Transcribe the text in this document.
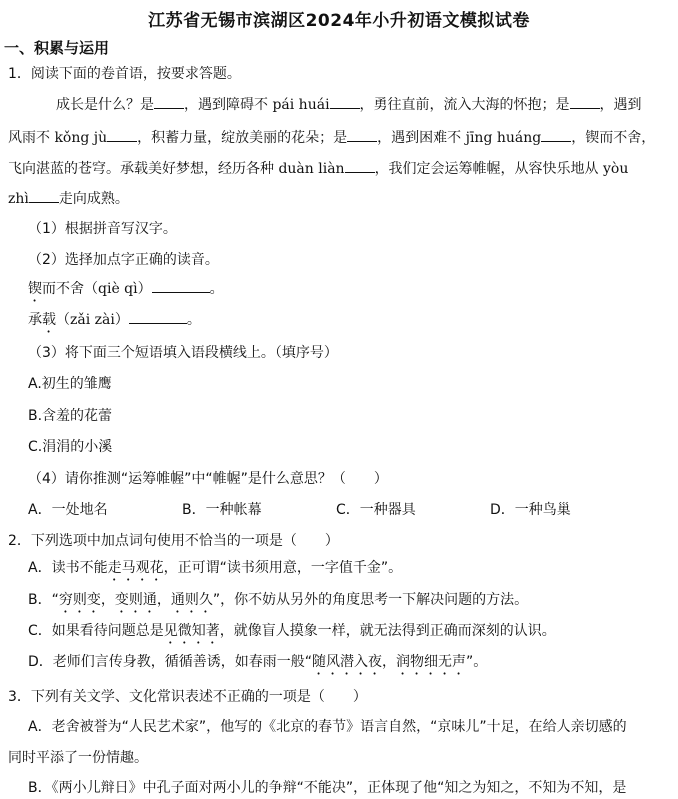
江苏省无锡市滨湖区2024年小升初语文模拟试卷
一、积累与运用
1．阅读下面的卷首语，按要求答题。
成长是什么？是 ，遇到障碍不 pái huái ，勇往直前，流入大海的怀抱；是 ，遇到
风雨不 kǒng jù ，积蓄力量，绽放美丽的花朵；是 ，遇到困难不 jīng huáng ，锲而不舍，
飞向湛蓝的苍穹。承载美好梦想，经历各种 duàn liàn ，我们定会运筹帷幄，从容快乐地从 yòu
zhì 走向成熟。
（1）根据拼音写汉字。
（2）选择加点字正确的读音。
锲而不舍（qiè qì）	。
承载（zǎi zài）	。
（3）将下面三个短语填入语段横线上。（填序号）
A.初生的雏鹰
B.含羞的花蕾
C.涓涓的小溪
（4）请你推测“运筹帷幄”中“帷幄”是什么意思？（　　）
A．一处地名	B．一种帐幕	C．一种器具	D．一种鸟巢
2．下列选项中加点词句使用不恰当的一项是（　　）
A．读书不能走马观花，正可谓“读书须用意，一字值千金”。
B．“穷则变，变则通，通则久”，你不妨从另外的角度思考一下解决问题的方法。
C．如果看待问题总是见微知著，就像盲人摸象一样，就无法得到正确而深刻的认识。
D．老师们言传身教，循循善诱，如春雨一般“随风潜入夜，润物细无声”。
3．下列有关文学、文化常识表述不正确的一项是（　　）
A．老舍被誉为“人民艺术家”，他写的《北京的春节》语言自然，“京味儿”十足，在给人亲切感的
同时平添了一份情趣。
B．《两小儿辩日》中孔子面对两小儿的争辩“不能决”，正体现了他“知之为知之，不知为不知，是
